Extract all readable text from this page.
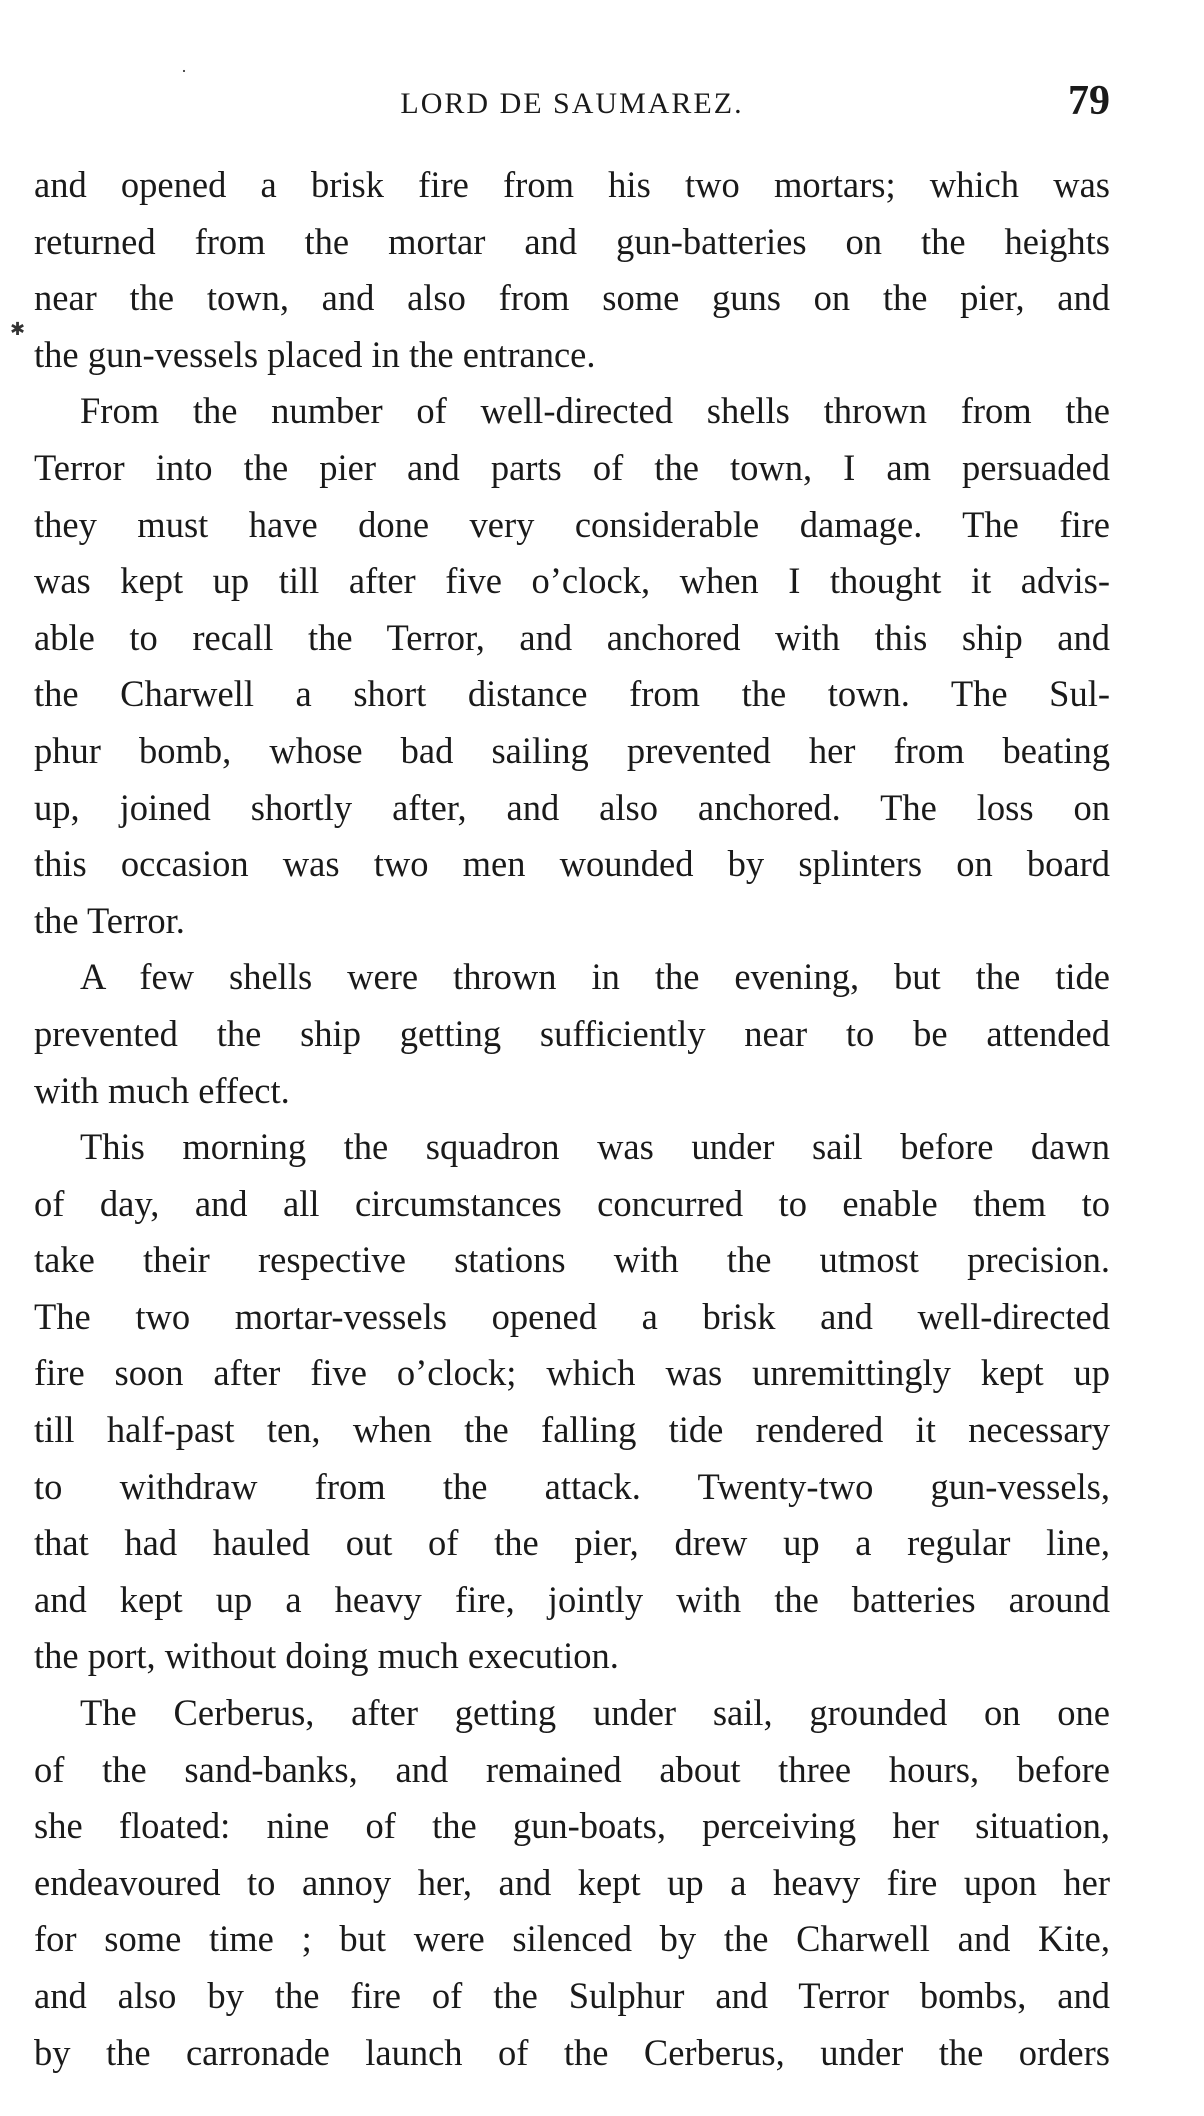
·
✱
LORD DE SAUMAREZ.	79

and opened a brisk fire from his two mortars; which was

returned from the mortar and gun-batteries on the heights

near the town, and also from some guns on the pier, and

the gun-vessels placed in the entrance.

From the number of well-directed shells thrown from the

Terror into the pier and parts of the town, I am persuaded

they must have done very considerable damage. The fire

was kept up till after five o’clock, when I thought it advis-

able to recall the Terror, and anchored with this ship and

the Charwell a short distance from the town. The Sul-

phur bomb, whose bad sailing prevented her from beating

up, joined shortly after, and also anchored. The loss on

this occasion was two men wounded by splinters on board

the Terror.

A few shells were thrown in the evening, but the tide

prevented the ship getting sufficiently near to be attended

with much effect.

This morning the squadron was under sail before dawn

of day, and all circumstances concurred to enable them to

take their respective stations with the utmost precision.

The two mortar-vessels opened a brisk and well-directed

fire soon after five o’clock; which was unremittingly kept up

till half-past ten, when the falling tide rendered it necessary

to withdraw from the attack. Twenty-two gun-vessels,

that had hauled out of the pier, drew up a regular line,

and kept up a heavy fire, jointly with the batteries around

the port, without doing much execution.

The Cerberus, after getting under sail, grounded on one

of the sand-banks, and remained about three hours, before

she floated: nine of the gun-boats, perceiving her situation,

endeavoured to annoy her, and kept up a heavy fire upon her

for some time ; but were silenced by the Charwell and Kite,

and also by the fire of the Sulphur and Terror bombs, and

by the carronade launch of the Cerberus, under the orders
